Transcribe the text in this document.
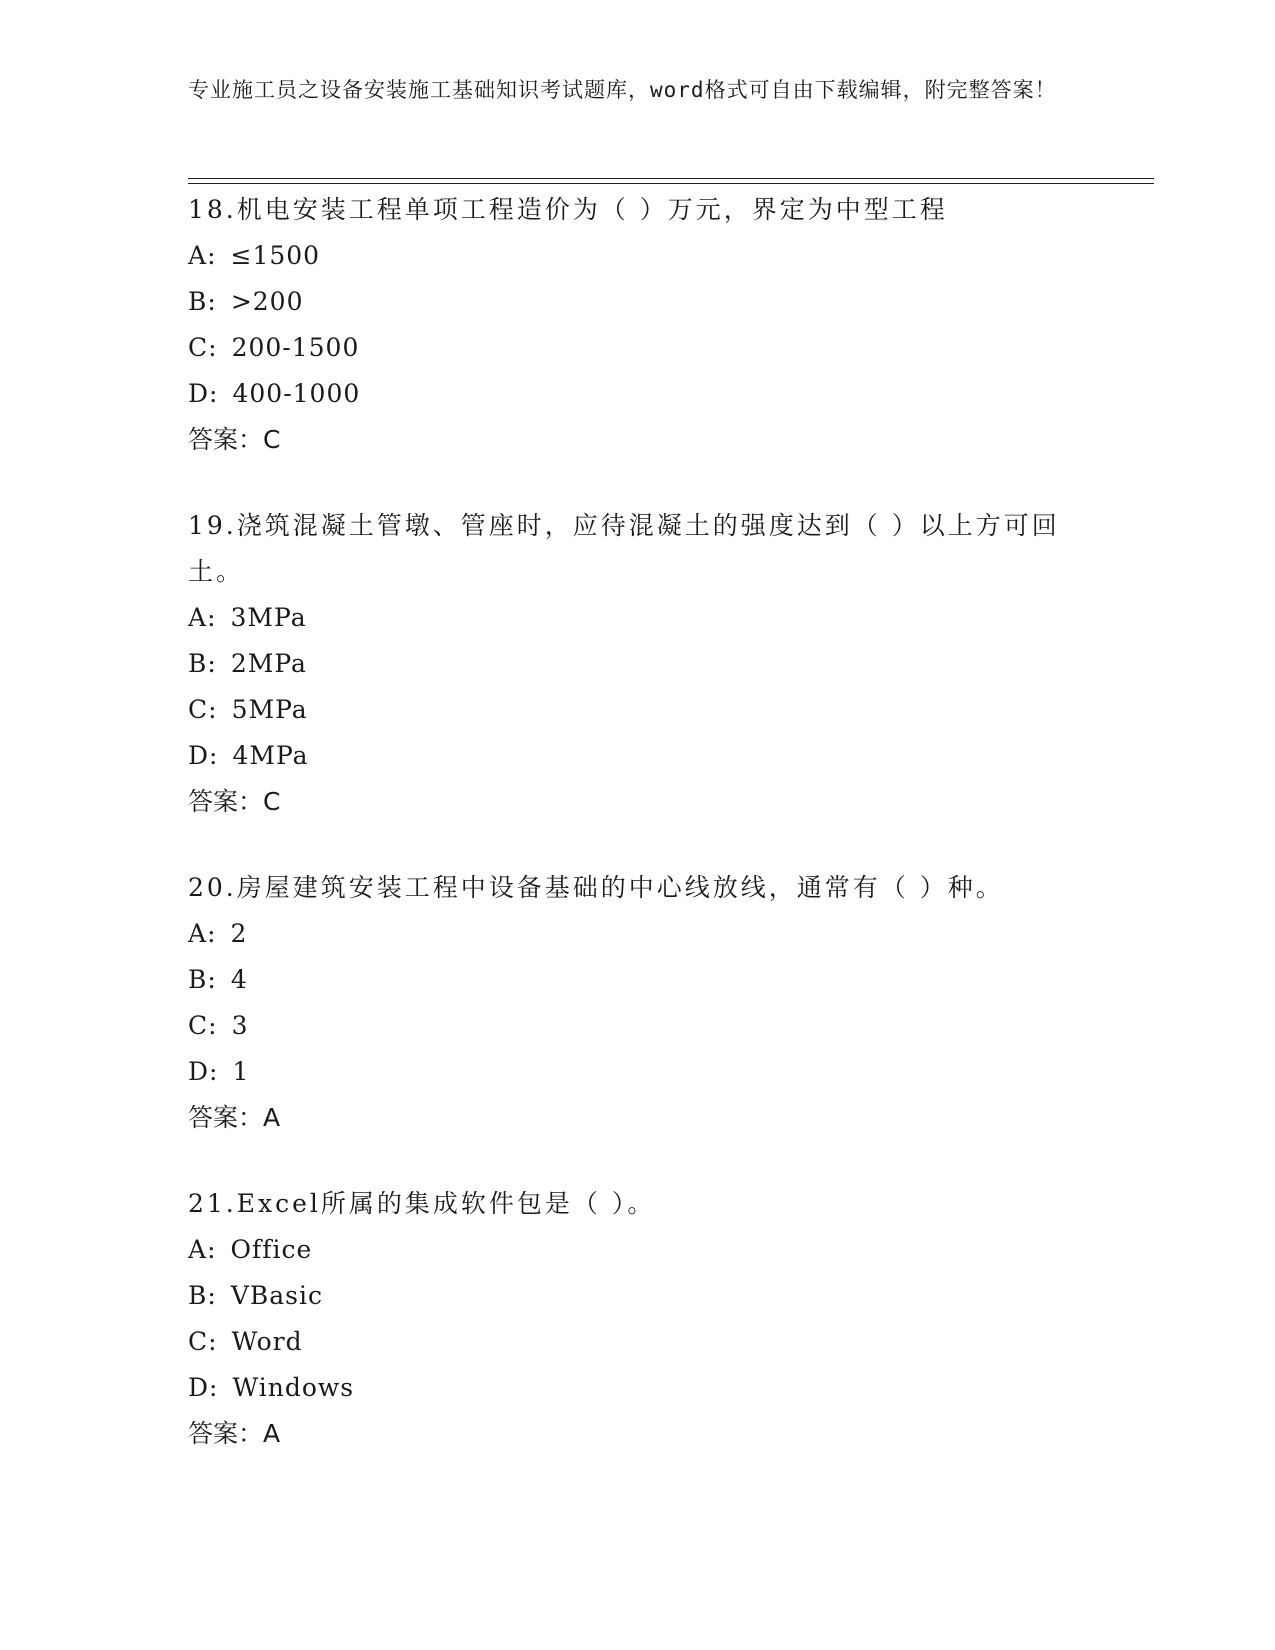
专业施工员之设备安装施工基础知识考试题库，word格式可自由下载编辑，附完整答案！

18.机电安装工程单项工程造价为（ ）万元，界定为中型工程

A: ≤1500

B: >200

C: 200-1500

D: 400-1000

答案：C

19.浇筑混凝土管墩、管座时，应待混凝土的强度达到（ ）以上方可回土。

A: 3MPa

B: 2MPa

C: 5MPa

D: 4MPa

答案：C

20.房屋建筑安装工程中设备基础的中心线放线，通常有（ ）种。

A: 2

B: 4

C: 3

D: 1

答案：A

21.Excel所属的集成软件包是（ ）。

A: Office

B: VBasic

C: Word

D: Windows

答案：A
